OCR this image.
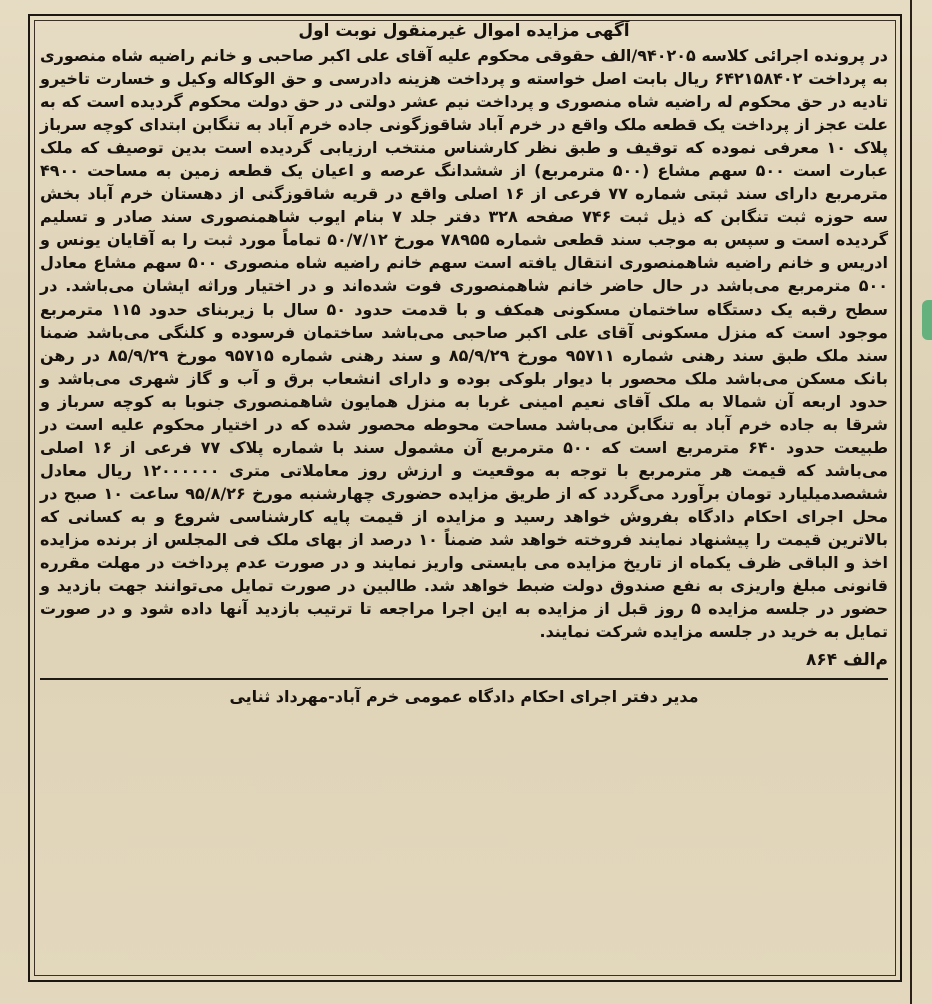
آگهی مزایده اموال غیرمنقول نوبت اول

در پرونده اجرائی کلاسه ۹۴۰۲۰۵/الف حقوقی محکوم علیه آقای علی اکبر صاحبی و خانم راضیه شاه منصوری به پرداخت ۶۴۲۱۵۸۴۰۲ ریال بابت اصل خواسته و پرداخت هزینه دادرسی و حق الوکاله وکیل و خسارت تاخیرو تادیه در حق محکوم له راضیه شاه منصوری و پرداخت نیم عشر دولتی در حق دولت محکوم گردیده است که به علت عجز از پرداخت یک قطعه ملک واقع در خرم آباد شاقوزگونی جاده خرم آباد به تنگابن ابتدای کوچه سرباز پلاک ۱۰ معرفی نموده که توقیف و طبق نظر کارشناس منتخب ارزیابی گردیده است بدین توصیف که ملک عبارت است ۵۰۰ سهم مشاع (۵۰۰ مترمربع) از ششدانگ عرصه و اعیان یک قطعه زمین به مساحت ۴۹۰۰ مترمربع دارای سند ثبتی شماره ۷۷ فرعی از ۱۶ اصلی واقع در قریه شاقوزگنی از دهستان خرم آباد بخش سه حوزه ثبت تنگابن که ذیل ثبت ۷۴۶ صفحه ۳۲۸ دفتر جلد ۷ بنام ایوب شاهمنصوری سند صادر و تسلیم گردیده است و سپس به موجب سند قطعی شماره ۷۸۹۵۵ مورخ ۵۰/۷/۱۲ تماماً مورد ثبت را به آقایان یونس و ادریس و خانم راضیه شاهمنصوری انتقال یافته است سهم خانم راضیه شاه منصوری ۵۰۰ سهم مشاع معادل ۵۰۰ مترمربع می‌باشد در حال حاضر خانم شاهمنصوری فوت شده‌اند و در اختیار وراثه ایشان می‌باشد. در سطح رقبه یک دستگاه ساختمان مسکونی همکف و با قدمت حدود ۵۰ سال با زیربنای حدود ۱۱۵ مترمربع موجود است که منزل مسکونی آقای علی اکبر صاحبی می‌باشد ساختمان فرسوده و کلنگی می‌باشد ضمنا سند ملک طبق سند رهنی شماره ۹۵۷۱۱ مورخ ۸۵/۹/۲۹ و سند رهنی شماره ۹۵۷۱۵ مورخ ۸۵/۹/۲۹ در رهن بانک مسکن می‌باشد ملک محصور با دیوار بلوکی بوده و دارای انشعاب برق و آب و گاز شهری می‌باشد و حدود اربعه آن شمالا به ملک آقای نعیم امینی غربا به منزل همایون شاهمنصوری جنوبا به کوچه سرباز و شرقا به جاده خرم آباد به تنگابن می‌باشد مساحت محوطه محصور شده که در اختیار محکوم علیه است در طبیعت حدود ۶۴۰ مترمربع است که ۵۰۰ مترمربع آن مشمول سند با شماره پلاک ۷۷ فرعی از ۱۶ اصلی می‌باشد که قیمت هر مترمربع با توجه به موقعیت و ارزش روز معاملاتی متری ۱۲۰۰۰۰۰۰ ریال معادل ششصدمیلیارد تومان برآورد می‌گردد که از طریق مزایده حضوری چهارشنبه مورخ ۹۵/۸/۲۶ ساعت ۱۰ صبح در محل اجرای احکام دادگاه بفروش خواهد رسید و مزایده از قیمت پایه کارشناسی شروع و به کسانی که بالاترین قیمت را پیشنهاد نمایند فروخته خواهد شد ضمناً ۱۰ درصد از بهای ملک فی المجلس از برنده مزایده اخذ و الباقی ظرف یکماه از تاریخ مزایده می بایستی واریز نمایند و در صورت عدم پرداخت در مهلت مقرره قانونی مبلغ واریزی به نفع صندوق دولت ضبط خواهد شد. طالبین در صورت تمایل می‌توانند جهت بازدید و حضور در جلسه مزایده ۵ روز قبل از مزایده به این اجرا مراجعه تا ترتیب بازدید آنها داده شود و در صورت تمایل به خرید در جلسه مزایده شرکت نمایند.

م‌الف ۸۶۴
مدیر دفتر اجرای احکام دادگاه عمومی خرم آباد-مهرداد ثنایی
